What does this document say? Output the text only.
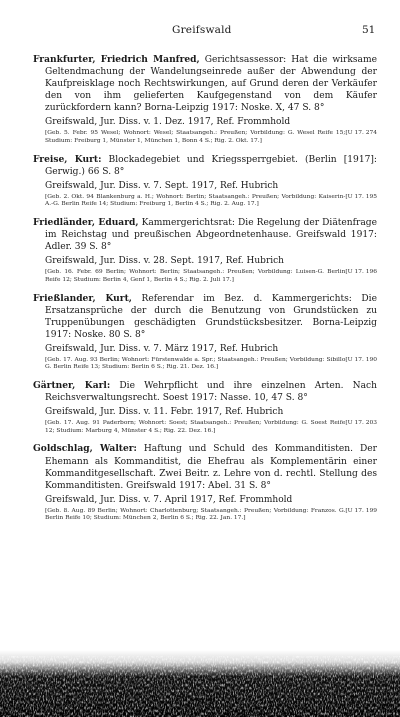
Greifswald	51
Frankfurter, Friedrich Manfred, Gerichtsassessor: Hat die wirksame Geltendmachung der Wandelungseinrede außer der Abwendung der Kaufpreisklage noch Rechtswirkungen, auf Grund deren der Verkäufer den von ihm gelieferten Kaufgegenstand von dem Käufer zurückfordern kann? Borna-Leipzig 1917: Noske. X, 47 S. 8°
Greifswald, Jur. Diss. v. 1. Dez. 1917, Ref. Frommhold
[U 17. 274
[Geb. 5. Febr. 95 Wesel; Wohnort: Wesel; Staatsangeh.: Preußen; Vorbildung: G. Wesel Reife 15; Studium: Freiburg 1, Münster 1, München 1, Bonn 4 S.; Rig. 2. Okt. 17.]
Freise, Kurt: Blockadegebiet und Kriegssperrgebiet. (Berlin [1917]: Gerwig.) 66 S. 8°
Greifswald, Jur. Diss. v. 7. Sept. 1917, Ref. Hubrich
[U 17. 195
[Geb. 2. Okt. 94 Blankenburg a. H.; Wohnort: Berlin; Staatsangeh.: Preußen; Vorbildung: Kaiserin-A.-G. Berlin Reife 14; Studium: Freiburg 1, Berlin 4 S.; Rig. 2. Aug. 17.]
Friedländer, Eduard, Kammergerichtsrat: Die Regelung der Diätenfrage im Reichstag und preußischen Abgeordnetenhause. Greifswald 1917: Adler. 39 S. 8°
Greifswald, Jur. Diss. v. 28. Sept. 1917, Ref. Hubrich
[U 17. 196
[Geb. 16. Febr. 69 Berlin; Wohnort: Berlin; Staatsangeh.: Preußen; Vorbildung: Luisen-G. Berlin Reife 12; Studium: Berlin 4, Genf 1, Berlin 4 S.; Rig. 2. Juli 17.]
Frießlander, Kurt, Referendar im Bez. d. Kammergerichts: Die Ersatzansprüche der durch die Benutzung von Grundstücken zu Truppenübungen geschädigten Grundstücksbesitzer. Borna-Leipzig 1917: Noske. 80 S. 8°
Greifswald, Jur. Diss. v. 7. März 1917, Ref. Hubrich
[U 17. 190
[Geb. 17. Aug. 93 Berlin; Wohnort: Fürstenwalde a. Spr.; Staatsangeh.: Preußen; Vorbildung: Sibillo G. Berlin Reife 13; Studium: Berlin 6 S.; Rig. 21. Dez. 16.]
Gärtner, Karl: Die Wehrpflicht und ihre einzelnen Arten. Nach Reichsverwaltungsrecht. Soest 1917: Nasse. 10, 47 S. 8°
Greifswald, Jur. Diss. v. 11. Febr. 1917, Ref. Hubrich
[U 17. 203
[Geb. 17. Aug. 91 Paderborn; Wohnort: Soest; Staatsangeh.: Preußen; Vorbildung: G. Soest Reife 12; Studium: Marburg 4, Münster 4 S.; Rig. 22. Dez. 16.]
Goldschlag, Walter: Haftung und Schuld des Kommanditisten. Der Ehemann als Kommanditist, die Ehefrau als Komplementärin einer Kommanditgesellschaft. Zwei Beitr. z. Lehre von d. rechtl. Stellung des Kommanditisten. Greifswald 1917: Abel. 31 S. 8°
Greifswald, Jur. Diss. v. 7. April 1917, Ref. Frommhold
[U 17. 199
[Geb. 8. Aug. 89 Berlin; Wohnort: Charlottenburg; Staatsangeh.: Preußen; Vorbildung: Franzos. G. Berlin Reife 10; Studium: München 2, Berlin 6 S.; Rig. 22. Jan. 17.]
